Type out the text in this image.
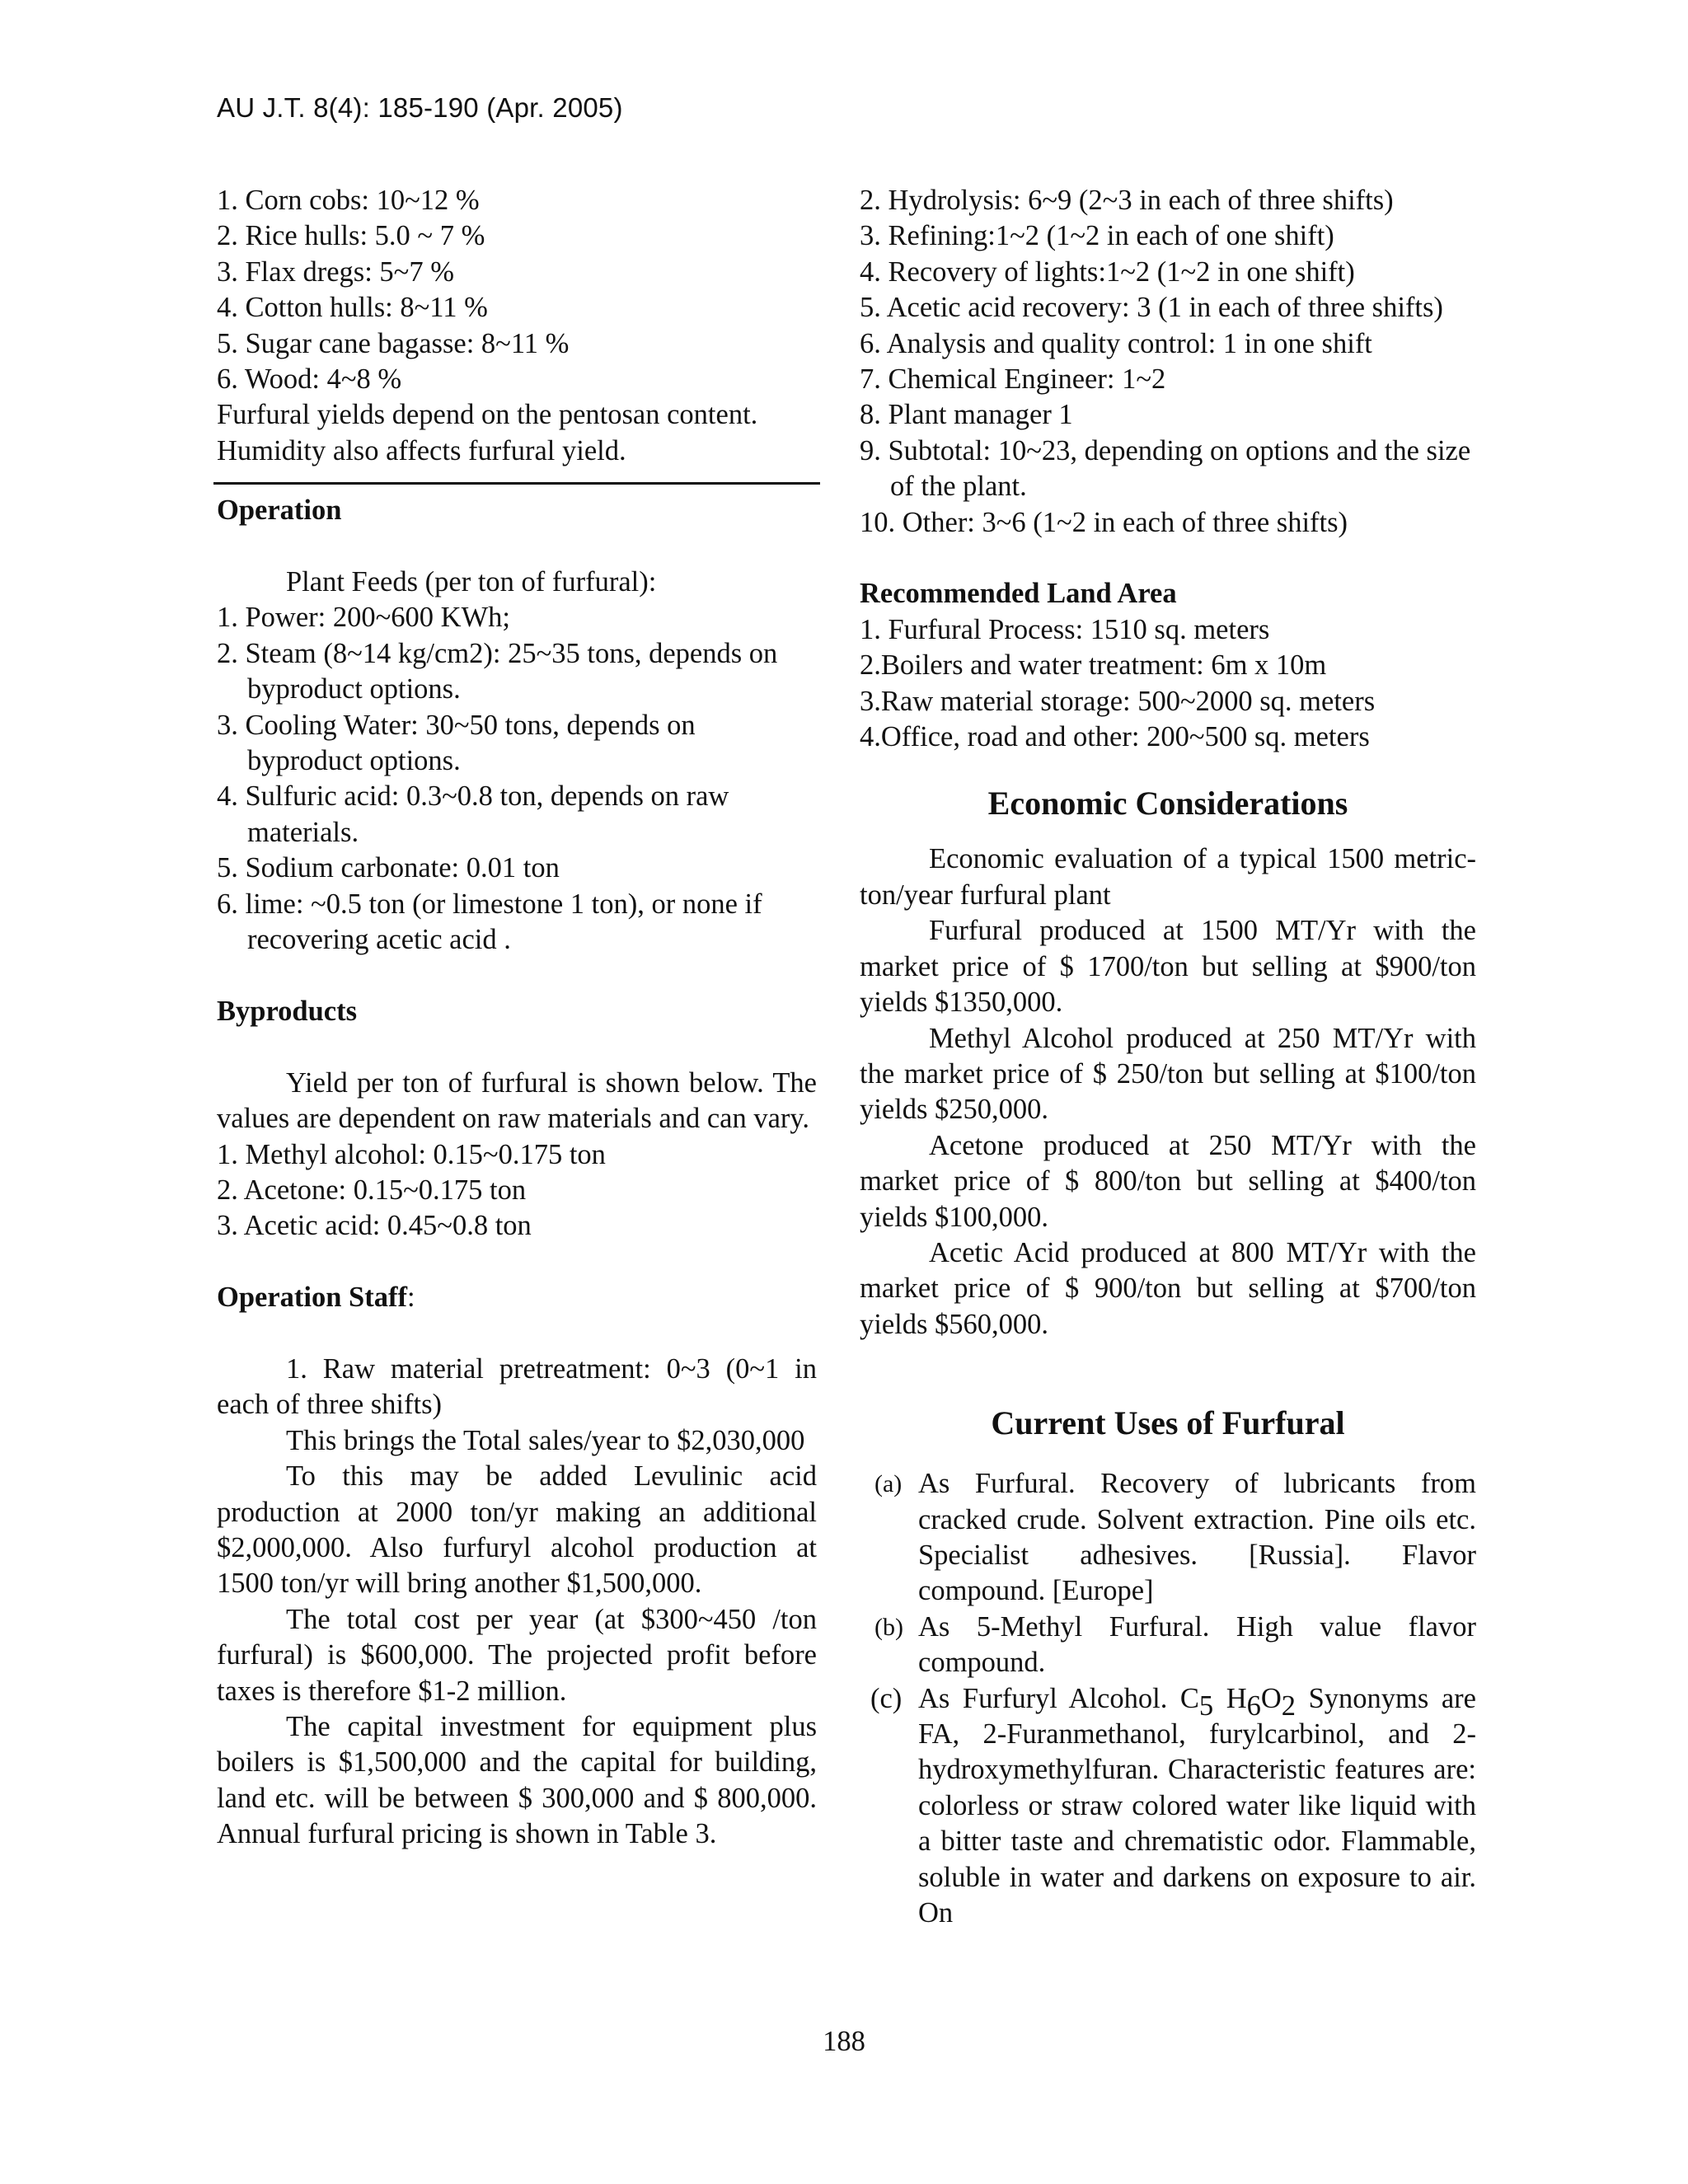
AU J.T. 8(4): 185-190 (Apr. 2005)

1. Corn cobs: 10~12 %

2. Rice hulls: 5.0 ~ 7 %

3. Flax dregs: 5~7 %

4. Cotton hulls: 8~11 %

5. Sugar cane bagasse: 8~11 %

6. Wood: 4~8 %

Furfural yields depend on the pentosan content.

Humidity also affects furfural yield.

Operation

Plant Feeds (per ton of furfural):

1. Power: 200~600 KWh;

2. Steam (8~14 kg/cm2): 25~35 tons, depends on byproduct options.

3. Cooling Water: 30~50 tons, depends on byproduct options.

4. Sulfuric acid: 0.3~0.8 ton, depends on raw materials.

5. Sodium carbonate: 0.01 ton

6. lime: ~0.5 ton (or limestone 1 ton), or none if recovering acetic acid .

Byproducts

Yield per ton of furfural is shown below. The values are dependent on raw materials and can vary.

1. Methyl alcohol: 0.15~0.175 ton

2. Acetone: 0.15~0.175 ton

3. Acetic acid: 0.45~0.8 ton

Operation Staff:

1. Raw material pretreatment: 0~3 (0~1 in each of three shifts)

This brings the Total sales/year to $2,030,000

To this may be added Levulinic acid production at 2000 ton/yr making an additional $2,000,000. Also furfuryl alcohol production at 1500 ton/yr will bring another $1,500,000.

The total cost per year (at $300~450 /ton furfural) is $600,000. The projected profit before taxes is therefore $1-2 million.

The capital investment for equipment plus boilers is $1,500,000 and the capital for building, land etc. will be between $ 300,000 and $ 800,000. Annual furfural pricing is shown in Table 3.

2. Hydrolysis: 6~9 (2~3 in each of three shifts)

3. Refining:1~2 (1~2 in each of one shift)

4. Recovery of lights:1~2 (1~2 in one shift)

5. Acetic acid recovery: 3 (1 in each of three shifts)

6. Analysis and quality control: 1 in one shift

7. Chemical Engineer: 1~2

8. Plant manager 1

9. Subtotal: 10~23, depending on options and the size of the plant.

10. Other: 3~6 (1~2 in each of three shifts)

Recommended Land Area

1. Furfural Process: 1510 sq. meters

2.Boilers and water treatment: 6m x 10m

3.Raw material storage: 500~2000 sq. meters

4.Office, road and other: 200~500 sq. meters

Economic Considerations

Economic evaluation of a typical 1500 metric-ton/year furfural plant

Furfural produced at 1500 MT/Yr with the market price of $ 1700/ton but selling at $900/ton yields $1350,000.

Methyl Alcohol produced at 250 MT/Yr with the market price of $ 250/ton but selling at $100/ton yields $250,000.

Acetone produced at 250 MT/Yr with the market price of $ 800/ton but selling at $400/ton yields $100,000.

Acetic Acid produced at 800 MT/Yr with the market price of $ 900/ton but selling at $700/ton yields $560,000.

Current Uses of Furfural

(a) As Furfural. Recovery of lubricants from cracked crude. Solvent extraction. Pine oils etc. Specialist adhesives. [Russia]. Flavor compound. [Europe]
(b) As 5-Methyl Furfural. High value flavor compound.
(c) As Furfuryl Alcohol. C5 H6O2 Synonyms are FA, 2-Furanmethanol, furylcarbinol, and 2-hydroxymethylfuran. Characteristic features are: colorless or straw colored water like liquid with a bitter taste and chrematistic odor. Flammable, soluble in water and darkens on exposure to air. On
188
